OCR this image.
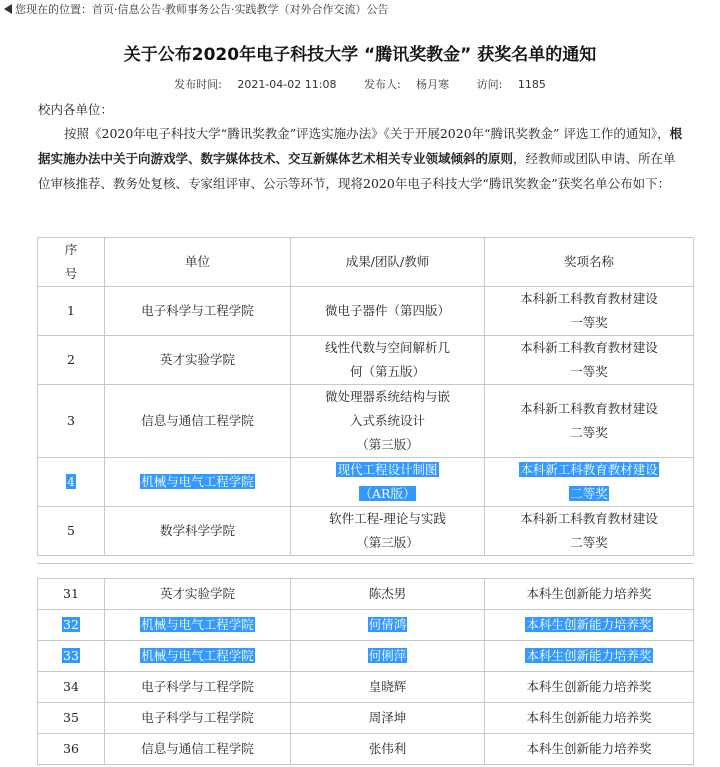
您现在的位置： 首页 · 信息公告 · 教师事务公告 · 实践教学（对外合作交流）公告
关于公布2020年电子科技大学 “腾讯奖教金” 获奖名单的通知
发布时间: 2021-04-02 11:08	发布人: 杨月寒	访问: 1185
校内各单位：
按照《2020年电子科技大学“腾讯奖教金”评选实施办法》《关于开展2020年“腾讯奖教金” 评选工作的通知》，根据实施办法中关于向游戏学、数字媒体技术、交互新媒体艺术相关专业领域倾斜的原则，经教师或团队申请、所在单位审核推荐、教务处复核、专家组评审、公示等环节，现将2020年电子科技大学“腾讯奖教金”获奖名单公布如下：
序
号	单位	成果/团队/教师	奖项名称
1	电子科学与工程学院	微电子器件（第四版）	本科新工科教育教材建设
一等奖
2	英才实验学院	线性代数与空间解析几
何（第五版）	本科新工科教育教材建设
一等奖
3	信息与通信工程学院	微处理器系统结构与嵌
入式系统设计
（第三版）	本科新工科教育教材建设
二等奖
4	机械与电气工程学院	现代工程设计制图
（AR版）	本科新工科教育教材建设
二等奖
5	数学科学学院	软件工程-理论与实践
（第三版）	本科新工科教育教材建设
二等奖
31	英才实验学院	陈杰男	本科生创新能力培养奖
32	机械与电气工程学院	何倩鸿	本科生创新能力培养奖
33	机械与电气工程学院	何俐萍	本科生创新能力培养奖
34	电子科学与工程学院	皇晓辉	本科生创新能力培养奖
35	电子科学与工程学院	周泽坤	本科生创新能力培养奖
36	信息与通信工程学院	张伟利	本科生创新能力培养奖
